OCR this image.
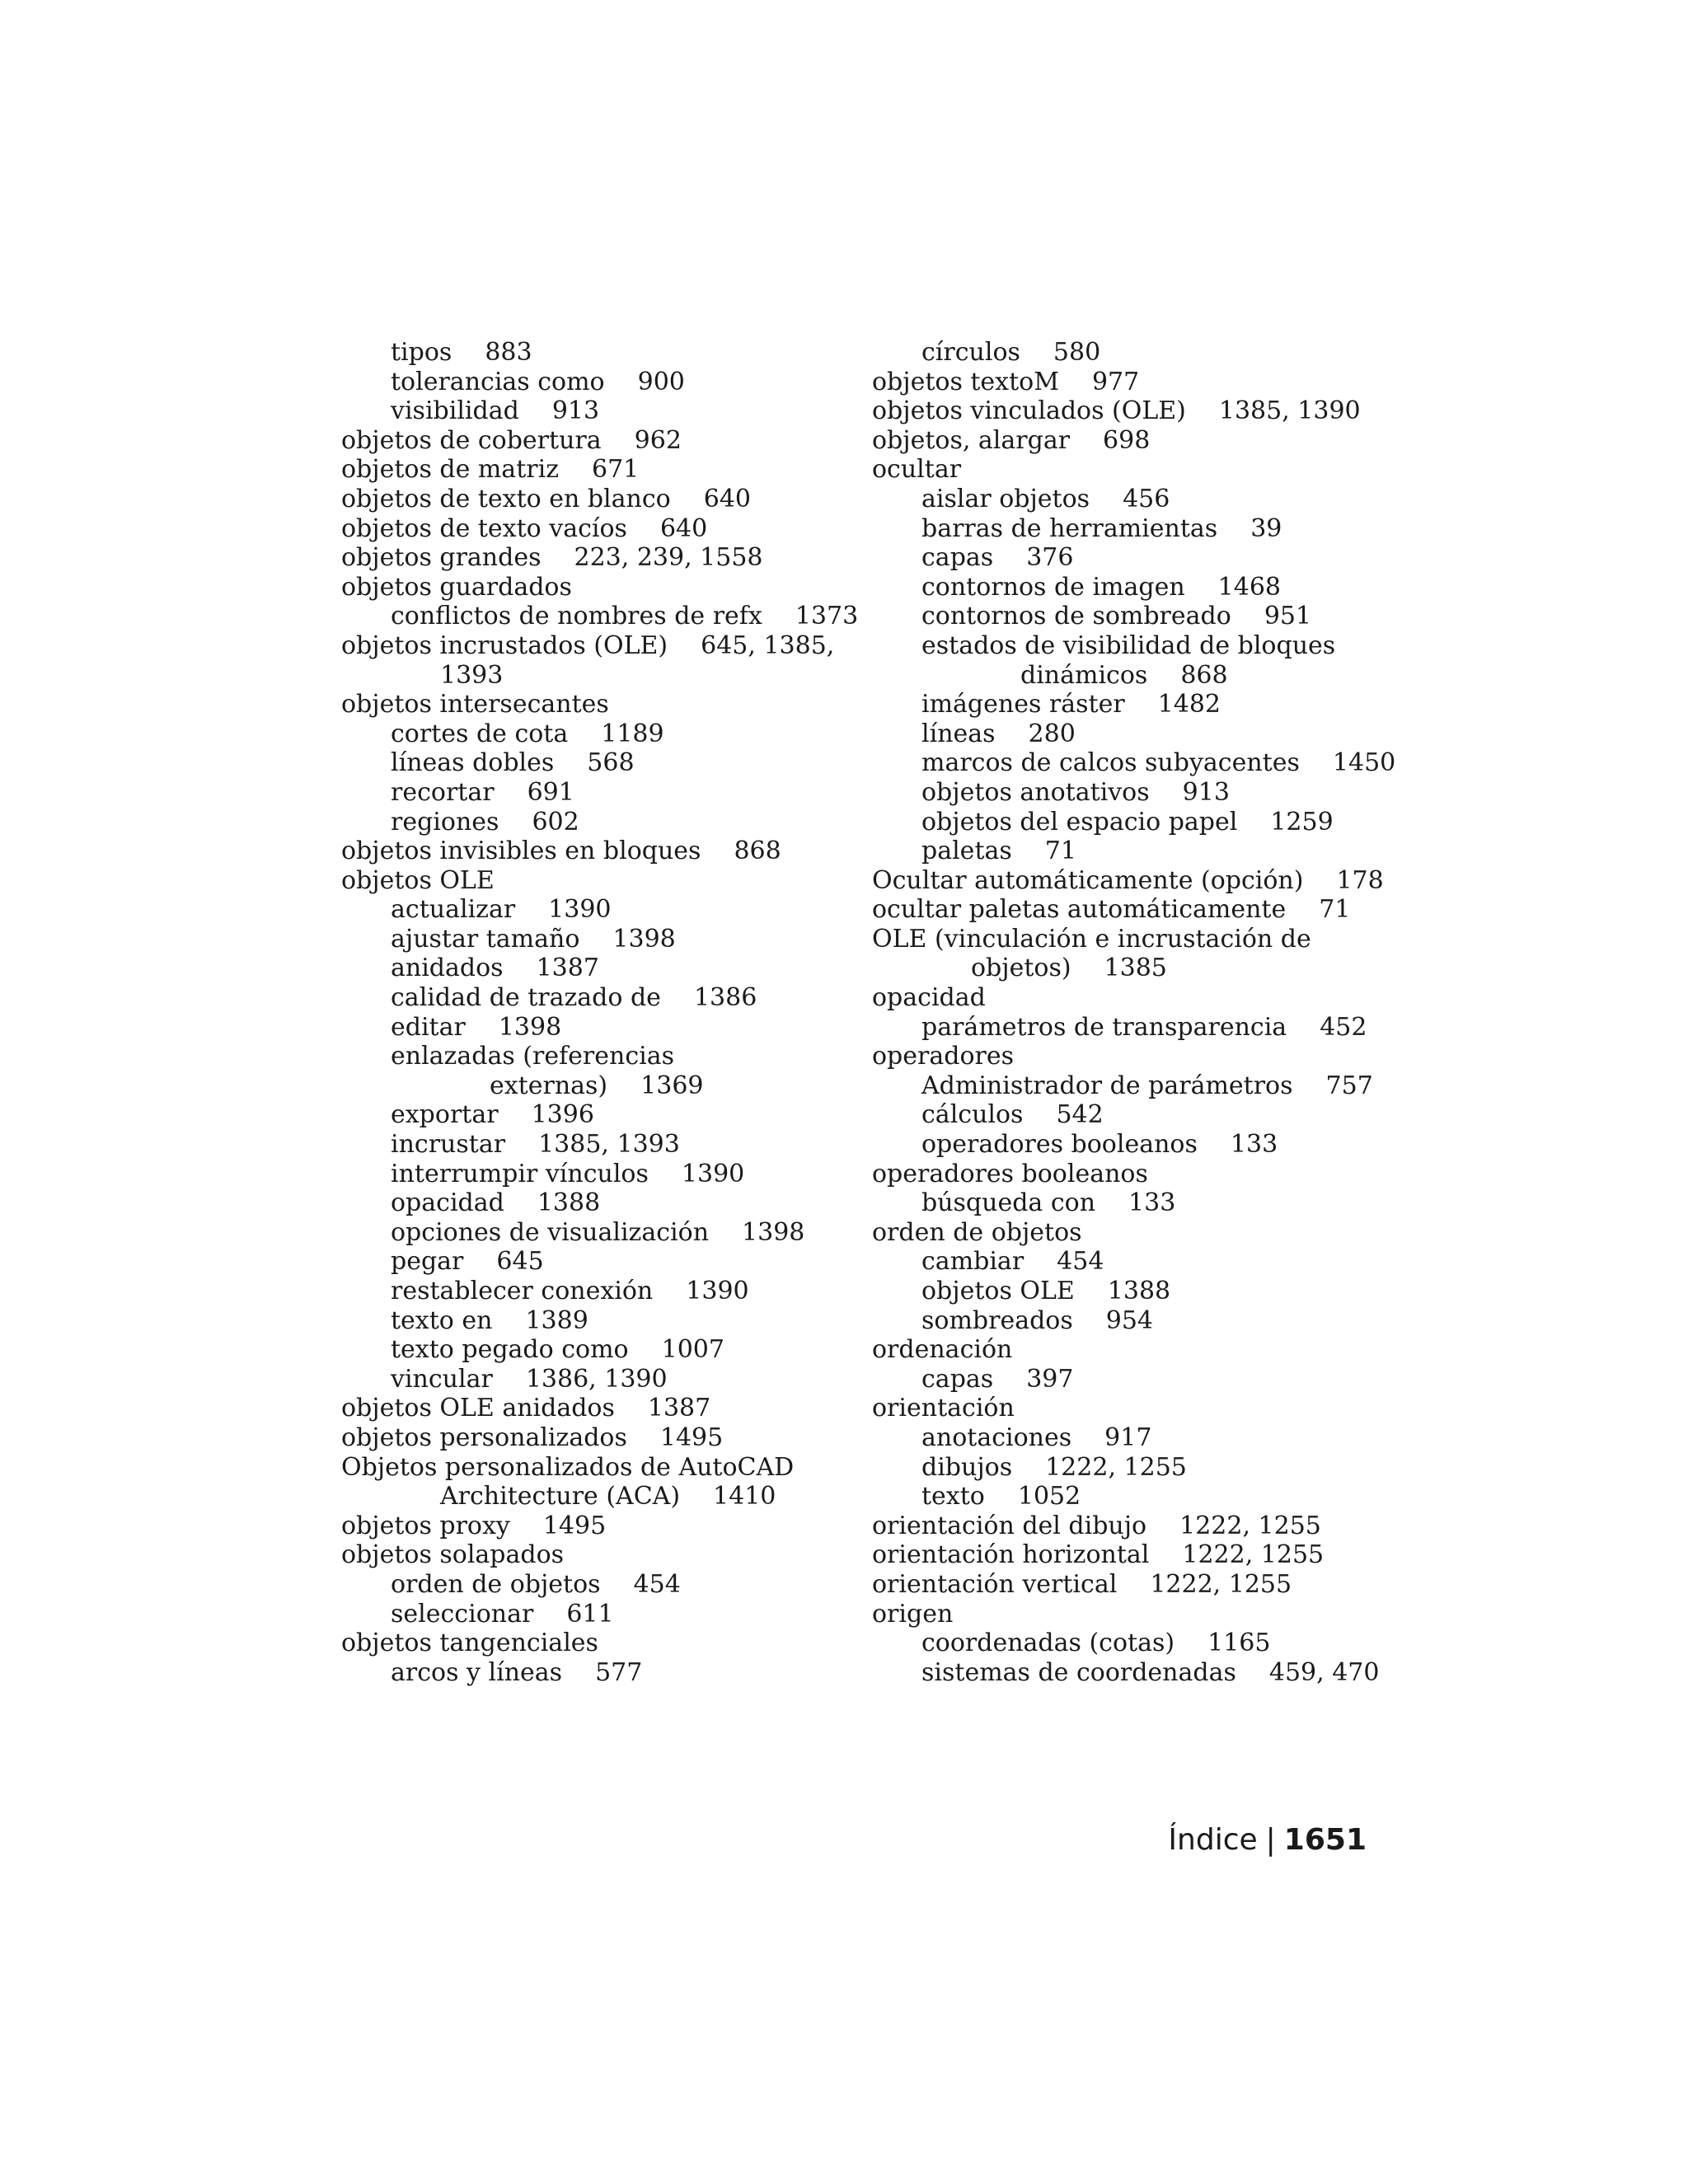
tipos 883
tolerancias como 900
visibilidad 913
objetos de cobertura 962
objetos de matriz 671
objetos de texto en blanco 640
objetos de texto vacíos 640
objetos grandes 223, 239, 1558
objetos guardados
conflictos de nombres de refx 1373
objetos incrustados (OLE) 645, 1385,
1393
objetos intersecantes
cortes de cota 1189
líneas dobles 568
recortar 691
regiones 602
objetos invisibles en bloques 868
objetos OLE
actualizar 1390
ajustar tamaño 1398
anidados 1387
calidad de trazado de 1386
editar 1398
enlazadas (referencias
externas) 1369
exportar 1396
incrustar 1385, 1393
interrumpir vínculos 1390
opacidad 1388
opciones de visualización 1398
pegar 645
restablecer conexión 1390
texto en 1389
texto pegado como 1007
vincular 1386, 1390
objetos OLE anidados 1387
objetos personalizados 1495
Objetos personalizados de AutoCAD
Architecture (ACA) 1410
objetos proxy 1495
objetos solapados
orden de objetos 454
seleccionar 611
objetos tangenciales
arcos y líneas 577
círculos 580
objetos textoM 977
objetos vinculados (OLE) 1385, 1390
objetos, alargar 698
ocultar
aislar objetos 456
barras de herramientas 39
capas 376
contornos de imagen 1468
contornos de sombreado 951
estados de visibilidad de bloques
dinámicos 868
imágenes ráster 1482
líneas 280
marcos de calcos subyacentes 1450
objetos anotativos 913
objetos del espacio papel 1259
paletas 71
Ocultar automáticamente (opción) 178
ocultar paletas automáticamente 71
OLE (vinculación e incrustación de
objetos) 1385
opacidad
parámetros de transparencia 452
operadores
Administrador de parámetros 757
cálculos 542
operadores booleanos 133
operadores booleanos
búsqueda con 133
orden de objetos
cambiar 454
objetos OLE 1388
sombreados 954
ordenación
capas 397
orientación
anotaciones 917
dibujos 1222, 1255
texto 1052
orientación del dibujo 1222, 1255
orientación horizontal 1222, 1255
orientación vertical 1222, 1255
origen
coordenadas (cotas) 1165
sistemas de coordenadas 459, 470
Índice | 1651
